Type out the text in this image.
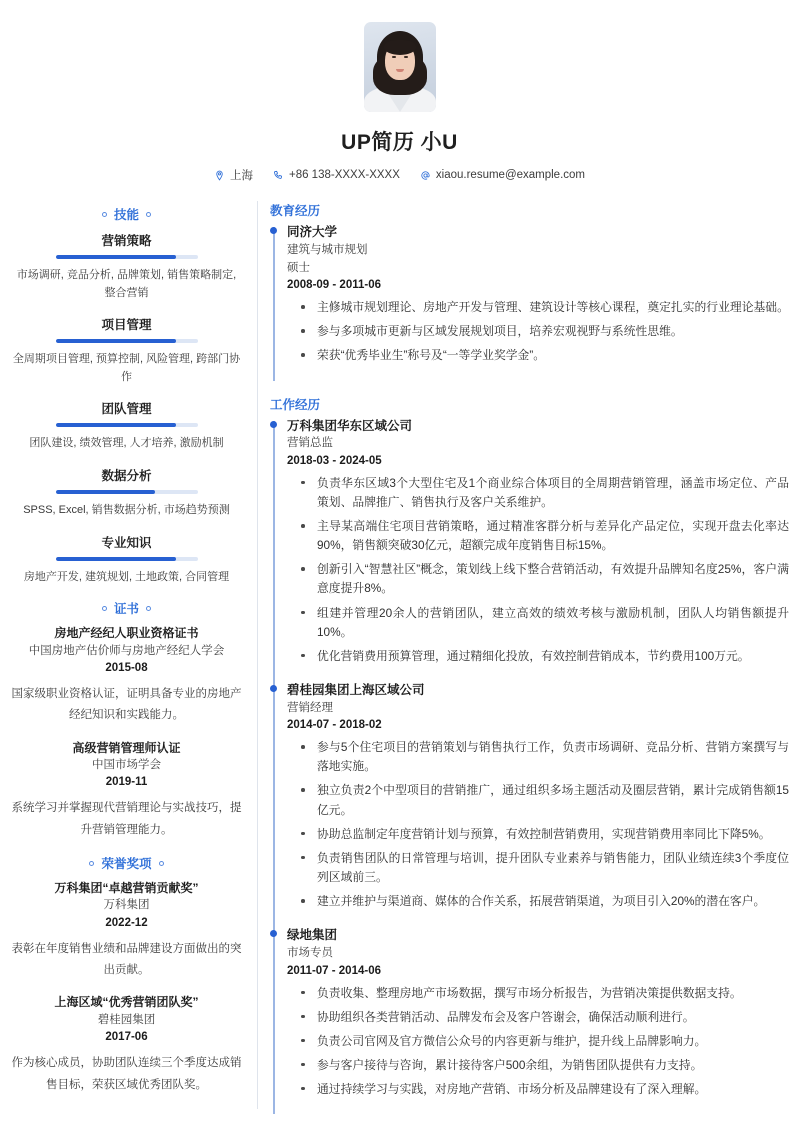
UP简历 小U
上海	+86 138-XXXX-XXXX	xiaou.resume@example.com
技能
营销策略
市场调研, 竞品分析, 品牌策划, 销售策略制定, 整合营销
项目管理
全周期项目管理, 预算控制, 风险管理, 跨部门协作
团队管理
团队建设, 绩效管理, 人才培养, 激励机制
数据分析
SPSS, Excel, 销售数据分析, 市场趋势预测
专业知识
房地产开发, 建筑规划, 土地政策, 合同管理
证书
房地产经纪人职业资格证书
中国房地产估价师与房地产经纪人学会
2015-08
国家级职业资格认证，证明具备专业的房地产经纪知识和实践能力。
高级营销管理师认证
中国市场学会
2019-11
系统学习并掌握现代营销理论与实战技巧，提升营销管理能力。
荣誉奖项
万科集团“卓越营销贡献奖”
万科集团
2022-12
表彰在年度销售业绩和品牌建设方面做出的突出贡献。
上海区域“优秀营销团队奖”
碧桂园集团
2017-06
作为核心成员，协助团队连续三个季度达成销售目标，荣获区域优秀团队奖。
教育经历
同济大学
建筑与城市规划
硕士
2008-09 - 2011-06
主修城市规划理论、房地产开发与管理、建筑设计等核心课程，奠定扎实的行业理论基础。
参与多项城市更新与区域发展规划项目，培养宏观视野与系统性思维。
荣获“优秀毕业生”称号及“一等学业奖学金”。
工作经历
万科集团华东区域公司
营销总监
2018-03 - 2024-05
负责华东区域3个大型住宅及1个商业综合体项目的全周期营销管理，涵盖市场定位、产品策划、品牌推广、销售执行及客户关系维护。
主导某高端住宅项目营销策略，通过精准客群分析与差异化产品定位，实现开盘去化率达90%，销售额突破30亿元，超额完成年度销售目标15%。
创新引入“智慧社区”概念，策划线上线下整合营销活动，有效提升品牌知名度25%，客户满意度提升8%。
组建并管理20余人的营销团队，建立高效的绩效考核与激励机制，团队人均销售额提升10%。
优化营销费用预算管理，通过精细化投放，有效控制营销成本，节约费用100万元。
碧桂园集团上海区域公司
营销经理
2014-07 - 2018-02
参与5个住宅项目的营销策划与销售执行工作，负责市场调研、竞品分析、营销方案撰写与落地实施。
独立负责2个中型项目的营销推广，通过组织多场主题活动及圈层营销，累计完成销售额15亿元。
协助总监制定年度营销计划与预算，有效控制营销费用，实现营销费用率同比下降5%。
负责销售团队的日常管理与培训，提升团队专业素养与销售能力，团队业绩连续3个季度位列区域前三。
建立并维护与渠道商、媒体的合作关系，拓展营销渠道，为项目引入20%的潜在客户。
绿地集团
市场专员
2011-07 - 2014-06
负责收集、整理房地产市场数据，撰写市场分析报告，为营销决策提供数据支持。
协助组织各类营销活动、品牌发布会及客户答谢会，确保活动顺利进行。
负责公司官网及官方微信公众号的内容更新与维护，提升线上品牌影响力。
参与客户接待与咨询，累计接待客户500余组，为销售团队提供有力支持。
通过持续学习与实践，对房地产营销、市场分析及品牌建设有了深入理解。
